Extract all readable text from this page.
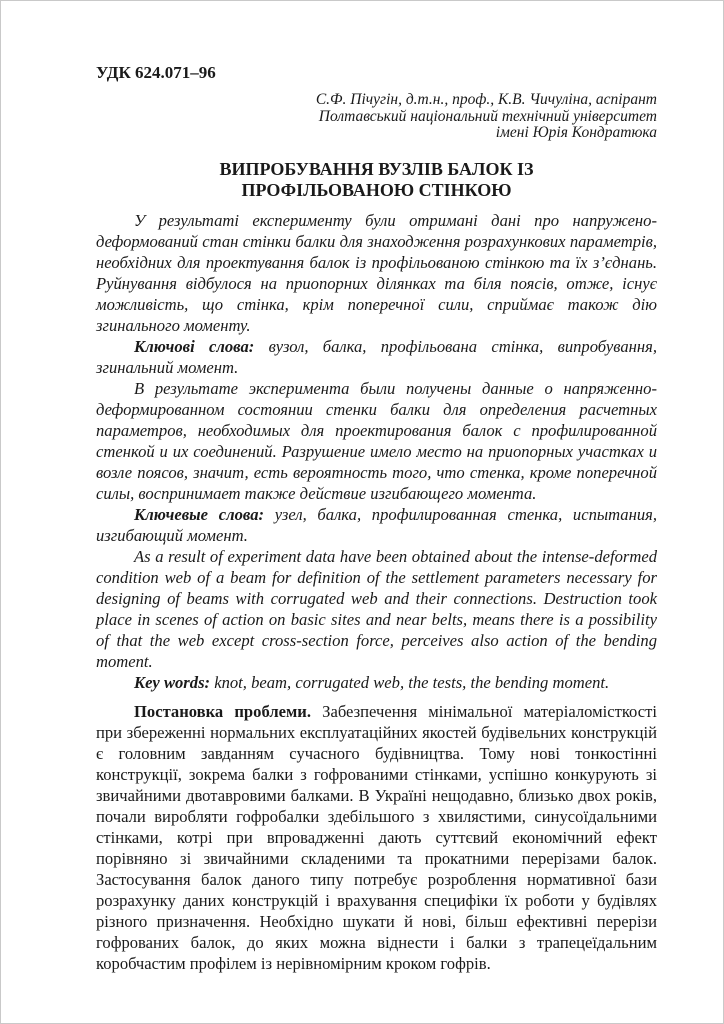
УДК 624.071–96
С.Ф. Пічугін, д.т.н., проф., К.В. Чичуліна, аспірант
Полтавський національний технічний університет
імені Юрія Кондратюка
ВИПРОБУВАННЯ ВУЗЛІВ БАЛОК ІЗ
ПРОФІЛЬОВАНОЮ СТІНКОЮ

У результаті експерименту були отримані дані про напружено-деформований стан стінки балки для знаходження розрахункових параметрів, необхідних для проектування балок із профільованою стінкою та їх з’єднань. Руйнування відбулося на приопорних ділянках та біля поясів, отже, існує можливість, що стінка, крім поперечної сили, сприймає також дію згинального моменту.

Ключові слова: вузол, балка, профільована стінка, випробування, згинальний момент.

В результате эксперимента были получены данные о напряженно-деформированном состоянии стенки балки для определения расчетных параметров, необходимых для проектирования балок с профилированной стенкой и их соединений. Разрушение имело место на приопорных участках и возле поясов, значит, есть вероятность того, что стенка, кроме поперечной силы, воспринимает также действие изгибающего момента.

Ключевые слова: узел, балка, профилированная стенка, испытания, изгибающий момент.

As a result of experiment data have been obtained about the intense-deformed condition web of a beam for definition of the settlement parameters necessary for designing of beams with corrugated web and their connections. Destruction took place in scenes of action on basic sites and near belts, means there is a possibility of that the web except cross-section force, perceives also action of the bending moment.

Key words: knot, beam, corrugated web, the tests, the bending moment.

Постановка проблеми. Забезпечення мінімальної матеріаломісткості при збереженні нормальних експлуатаційних якостей будівельних конструкцій є головним завданням сучасного будівництва. Тому нові тонкостінні конструкції, зокрема балки з гофрованими стінками, успішно конкурують зі звичайними двотавровими балками. В Україні нещодавно, близько двох років, почали виробляти гофробалки здебільшого з хвилястими, синусоїдальними стінками, котрі при впровадженні дають суттєвий економічний ефект порівняно зі звичайними складеними та прокатними перерізами балок. Застосування балок даного типу потребує розроблення нормативної бази розрахунку даних конструкцій і врахування специфіки їх роботи у будівлях різного призначення. Необхідно шукати й нові, більш ефективні перерізи гофрованих балок, до яких можна віднести і балки з трапецеїдальним коробчастим профілем із нерівномірним кроком гофрів.
